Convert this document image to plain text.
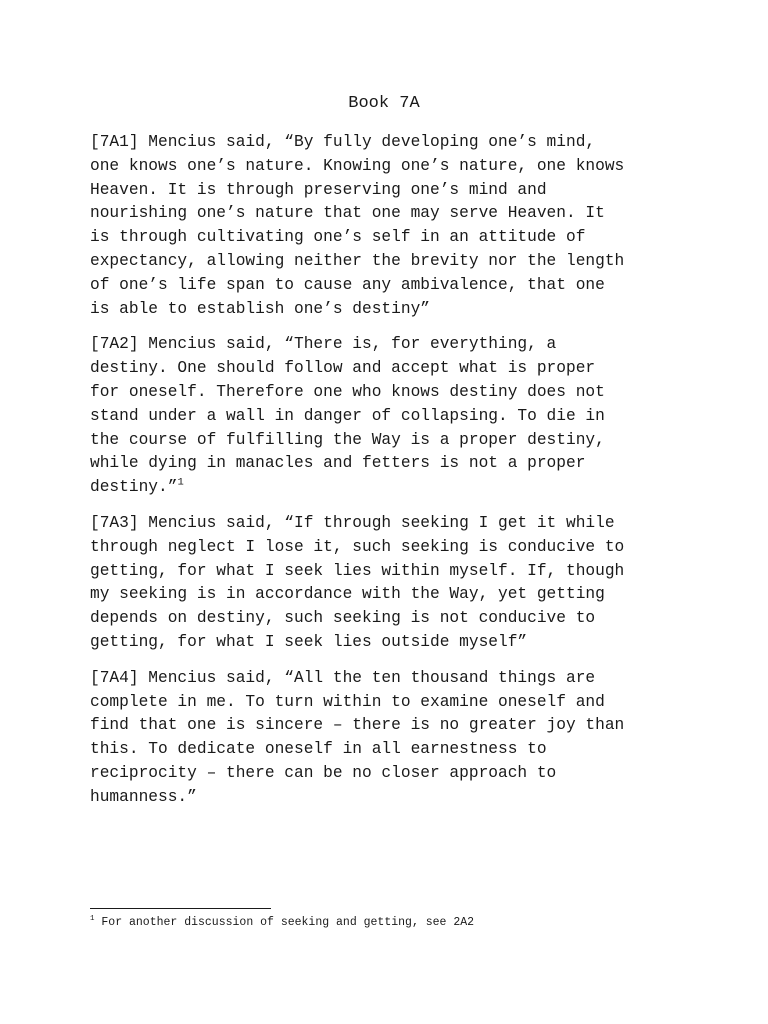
Book 7A

[7A1] Mencius said, “By fully developing one’s mind,
one knows one’s nature. Knowing one’s nature, one knows
Heaven. It is through preserving one’s mind and
nourishing one’s nature that one may serve Heaven. It
is through cultivating one’s self in an attitude of
expectancy, allowing neither the brevity nor the length
of one’s life span to cause any ambivalence, that one
is able to establish one’s destiny”

[7A2] Mencius said, “There is, for everything, a
destiny. One should follow and accept what is proper
for oneself. Therefore one who knows destiny does not
stand under a wall in danger of collapsing. To die in
the course of fulfilling the Way is a proper destiny,
while dying in manacles and fetters is not a proper
destiny.”$^1$

[7A3] Mencius said, “If through seeking I get it while
through neglect I lose it, such seeking is conducive to
getting, for what I seek lies within myself. If, though
my seeking is in accordance with the Way, yet getting
depends on destiny, such seeking is not conducive to
getting, for what I seek lies outside myself”

[7A4] Mencius said, “All the ten thousand things are
complete in me. To turn within to examine oneself and
find that one is sincere – there is no greater joy than
this. To dedicate oneself in all earnestness to
reciprocity – there can be no closer approach to
humanness.”

$^1$ For another discussion of seeking and getting, see 2A2
